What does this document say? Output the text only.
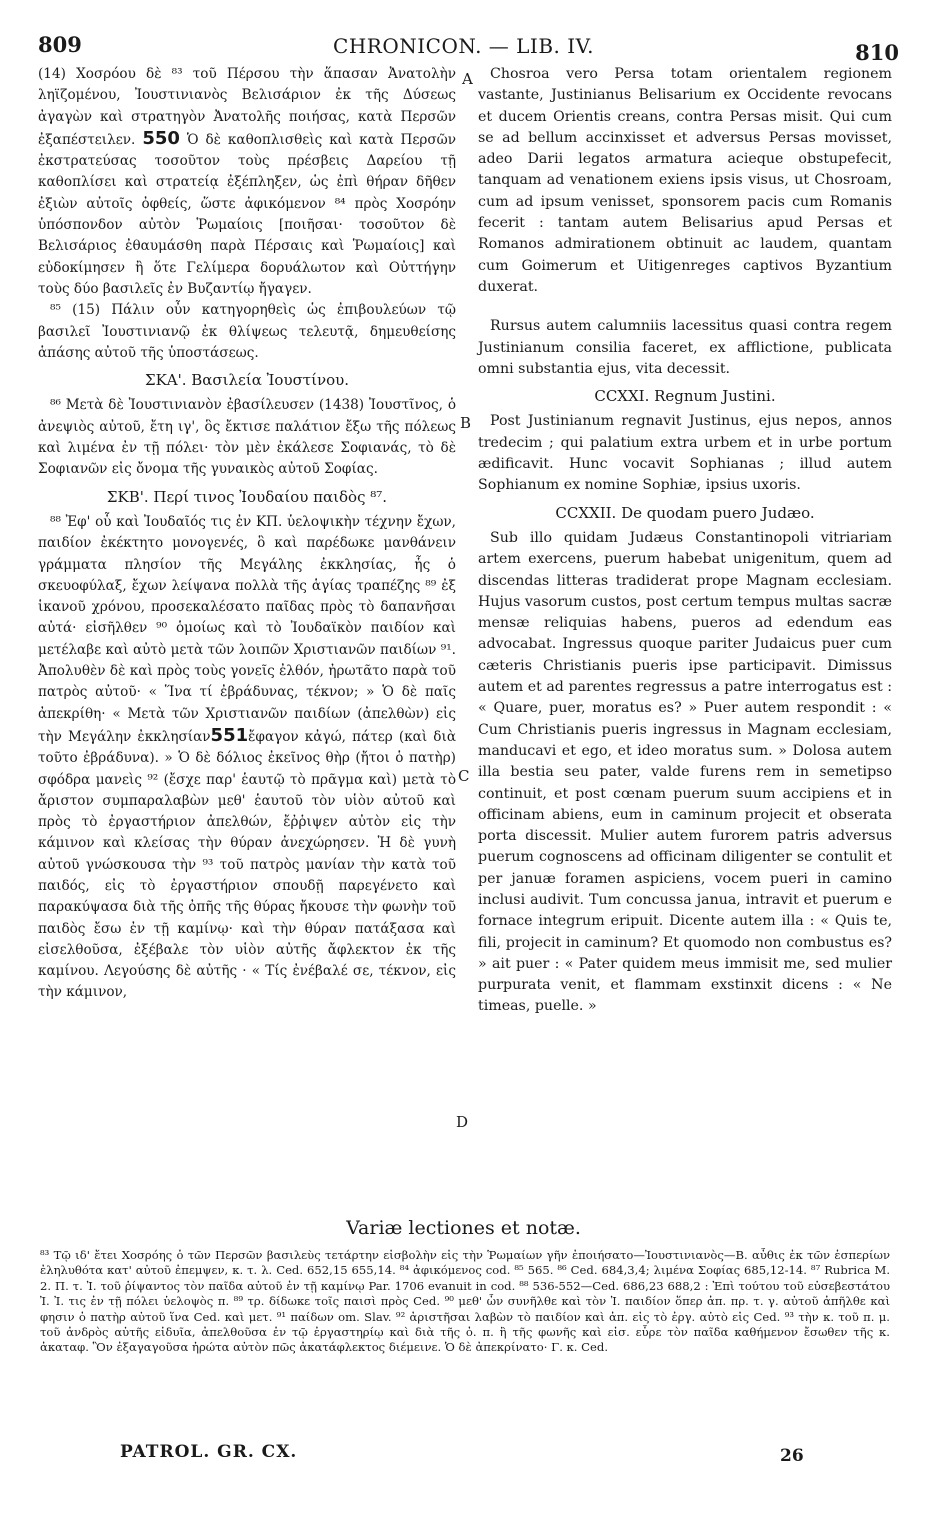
809	CHRONICON. — LIB. IV.	810
A
B
C
D

(14) Χοσρόου δὲ ⁸³ τοῦ Πέρσου τὴν ἅπασαν Ἀνατολὴν ληϊζομένου, Ἰουστινιανὸς Βελισάριον ἐκ τῆς Δύσεως ἀγαγὼν καὶ στρατηγὸν Ἀνατολῆς ποιήσας, κατὰ Περσῶν ἐξαπέστειλεν. 550 Ὁ δὲ καθοπλισθεὶς καὶ κατὰ Περσῶν ἐκστρατεύσας τοσοῦτον τοὺς πρέσβεις Δαρείου τῇ καθοπλίσει καὶ στρατείᾳ ἐξέπληξεν, ὡς ἐπὶ θήραν δῆθεν ἐξιὼν αὐτοῖς ὀφθείς, ὥστε ἀφικόμενον ⁸⁴ πρὸς Χοσρόην ὑπόσπονδον αὐτὸν Ῥωμαίοις [ποιῆσαι· τοσοῦτον δὲ Βελισάριος ἐθαυμάσθη παρὰ Πέρσαις καὶ Ῥωμαίοις] καὶ εὐδοκίμησεν ἢ ὅτε Γελίμερα δορυάλωτον καὶ Οὐττήγην τοὺς δύο βασιλεῖς ἐν Βυζαντίῳ ἤγαγεν.

⁸⁵ (15) Πάλιν οὖν κατηγορηθεὶς ὡς ἐπιβουλεύων τῷ βασιλεῖ Ἰουστινιανῷ ἐκ θλίψεως τελευτᾷ, δημευθείσης ἁπάσης αὐτοῦ τῆς ὑποστάσεως.

ΣΚΑ'. Βασιλεία Ἰουστίνου.

⁸⁶ Μετὰ δὲ Ἰουστινιανὸν ἐβασίλευσεν (1438) Ἰουστῖνος, ὁ ἀνεψιὸς αὐτοῦ, ἔτη ιγ', ὃς ἔκτισε παλάτιον ἔξω τῆς πόλεως καὶ λιμένα ἐν τῇ πόλει· τὸν μὲν ἐκάλεσε Σοφιανάς, τὸ δὲ Σοφιανῶν εἰς ὄνομα τῆς γυναικὸς αὐτοῦ Σοφίας.

ΣΚΒ'. Περί τινος Ἰουδαίου παιδὸς ⁸⁷.

⁸⁸ Ἐφ' οὗ καὶ Ἰουδαῖός τις ἐν ΚΠ. ὑελοψικὴν τέχνην ἔχων, παιδίον ἐκέκτητο μονογενές, ὃ καὶ παρέδωκε μανθάνειν γράμματα πλησίον τῆς Μεγάλης ἐκκλησίας, ἧς ὁ σκευοφύλαξ, ἔχων λείψανα πολλὰ τῆς ἁγίας τραπέζης ⁸⁹ ἐξ ἱκανοῦ χρόνου, προσεκαλέσατο παῖδας πρὸς τὸ δαπανῆσαι αὐτά· εἰσῆλθεν ⁹⁰ ὁμοίως καὶ τὸ Ἰουδαϊκὸν παιδίον καὶ μετέλαβε καὶ αὐτὸ μετὰ τῶν λοιπῶν Χριστιανῶν παιδίων ⁹¹. Ἀπολυθὲν δὲ καὶ πρὸς τοὺς γονεῖς ἐλθόν, ἠρωτᾶτο παρὰ τοῦ πατρὸς αὐτοῦ· « Ἵνα τί ἐβράδυνας, τέκνον; » Ὁ δὲ παῖς ἀπεκρίθη· « Μετὰ τῶν Χριστιανῶν παιδίων (ἀπελθὼν) εἰς τὴν Μεγάλην ἐκκλησίαν551ἔφαγον κἀγώ, πάτερ (καὶ διὰ τοῦτο ἐβράδυνα). » Ὁ δὲ δόλιος ἐκεῖνος θὴρ (ἤτοι ὁ πατὴρ) σφόδρα μανεὶς ⁹² (ἔσχε παρ' ἑαυτῷ τὸ πρᾶγμα καὶ) μετὰ τὸ ἄριστον συμπαραλαβὼν μεθ' ἑαυτοῦ τὸν υἱὸν αὐτοῦ καὶ πρὸς τὸ ἐργαστήριον ἀπελθών, ἔῤῥιψεν αὐτὸν εἰς τὴν κάμινον καὶ κλείσας τὴν θύραν ἀνεχώρησεν. Ἡ δὲ γυνὴ αὐτοῦ γνώσκουσα τὴν ⁹³ τοῦ πατρὸς μανίαν τὴν κατὰ τοῦ παιδός, εἰς τὸ ἐργαστήριον σπουδῇ παρεγένετο καὶ παρακύψασα διὰ τῆς ὀπῆς τῆς θύρας ἤκουσε τὴν φωνὴν τοῦ παιδὸς ἔσω ἐν τῇ καμίνῳ· καὶ τὴν θύραν πατάξασα καὶ εἰσελθοῦσα, ἐξέβαλε τὸν υἱὸν αὐτῆς ἄφλεκτον ἐκ τῆς καμίνου. Λεγούσης δὲ αὐτῆς · « Τίς ἐνέβαλέ σε, τέκνον, εἰς τὴν κάμινον,

Chosroa vero Persa totam orientalem regionem vastante, Justinianus Belisarium ex Occidente revocans et ducem Orientis creans, contra Persas misit. Qui cum se ad bellum accinxisset et adversus Persas movisset, adeo Darii legatos armatura acieque obstupefecit, tanquam ad venationem exiens ipsis visus, ut Chosroam, cum ad ipsum venisset, sponsorem pacis cum Romanis fecerit : tantam autem Belisarius apud Persas et Romanos admirationem obtinuit ac laudem, quantam cum Goimerum et Uitigenreges captivos Byzantium duxerat.

Rursus autem calumniis lacessitus quasi contra regem Justinianum consilia faceret, ex afflictione, publicata omni substantia ejus, vita decessit.

CCXXI. Regnum Justini.

Post Justinianum regnavit Justinus, ejus nepos, annos tredecim ; qui palatium extra urbem et in urbe portum ædificavit. Hunc vocavit Sophianas ; illud autem Sophianum ex nomine Sophiæ, ipsius uxoris.

CCXXII. De quodam puero Judæo.

Sub illo quidam Judæus Constantinopoli vitriariam artem exercens, puerum habebat unigenitum, quem ad discendas litteras tradiderat prope Magnam ecclesiam. Hujus vasorum custos, post certum tempus multas sacræ mensæ reliquias habens, pueros ad edendum eas advocabat. Ingressus quoque pariter Judaicus puer cum cæteris Christianis pueris ipse participavit. Dimissus autem et ad parentes regressus a patre interrogatus est : « Quare, puer, moratus es? » Puer autem respondit : « Cum Christianis pueris ingressus in Magnam ecclesiam, manducavi et ego, et ideo moratus sum. » Dolosa autem illa bestia seu pater, valde furens rem in semetipso continuit, et post cœnam puerum suum accipiens et in officinam abiens, eum in caminum projecit et obserata porta discessit. Mulier autem furorem patris adversus puerum cognoscens ad officinam diligenter se contulit et per januæ foramen aspiciens, vocem pueri in camino inclusi audivit. Tum concussa janua, intravit et puerum e fornace integrum eripuit. Dicente autem illa : « Quis te, fili, projecit in caminum? Et quomodo non combustus es? » ait puer : « Pater quidem meus immisit me, sed mulier purpurata venit, et flammam exstinxit dicens : « Ne timeas, puelle. »

Variæ lectiones et notæ.

⁸³ Τῷ ιδ' ἔτει Χοσρόης ὁ τῶν Περσῶν βασιλεὺς τετάρτην εἰσβολὴν εἰς τὴν Ῥωμαίων γῆν ἐποιήσατο—Ἰουστινιανὸς—Β. αὖθις ἐκ τῶν ἑσπερίων ἐληλυθότα κατ' αὐτοῦ ἐπεμψεν, κ. τ. λ. Ced. 652,15 655,14. ⁸⁴ ἀφικόμενος cod. ⁸⁵ 565. ⁸⁶ Ced. 684,3,4; λιμένα Σοφίας 685,12-14. ⁸⁷ Rubrica M. 2. Π. τ. Ἰ. τοῦ ῥίψαντος τὸν παῖδα αὐτοῦ ἐν τῇ καμίνῳ Par. 1706 evanuit in cod. ⁸⁸ 536-552—Ced. 686,23 688,2 : Ἐπὶ τούτου τοῦ εὐσεβεστάτου Ἰ. Ἰ. τις ἐν τῇ πόλει ὑελοψὸς π. ⁸⁹ τρ. δίδωκε τοῖς παισὶ πρὸς Ced. ⁹⁰ μεθ' ὧν συνῆλθε καὶ τὸν Ἰ. παιδίον ὅπερ ἀπ. πρ. τ. γ. αὐτοῦ ἀπῆλθε καὶ φησιν ὁ πατὴρ αὐτοῦ ἵνα Ced. καὶ μετ. ⁹¹ παίδων om. Slav. ⁹² ἀριστῆσαι λαβὼν τὸ παιδίον καὶ ἀπ. εἰς τὸ ἐργ. αὐτὸ εἰς Ced. ⁹³ τὴν κ. τοῦ π. μ. τοῦ ἀνδρὸς αὐτῆς εἰδυῖα, ἀπελθοῦσα ἐν τῷ ἐργαστηρίῳ καὶ διὰ τῆς ὀ. π. ἢ τῆς φωνῆς καὶ εἰσ. εὗρε τὸν παῖδα καθήμενον ἔσωθεν τῆς κ. ἀκαταφ. Ὃν ἐξαγαγοῦσα ἠρώτα αὐτὸν πῶς ἀκατάφλεκτος διέμεινε. Ὁ δὲ ἀπεκρίνατο· Γ. κ. Ced.

PATROL. GR. CX.	26
